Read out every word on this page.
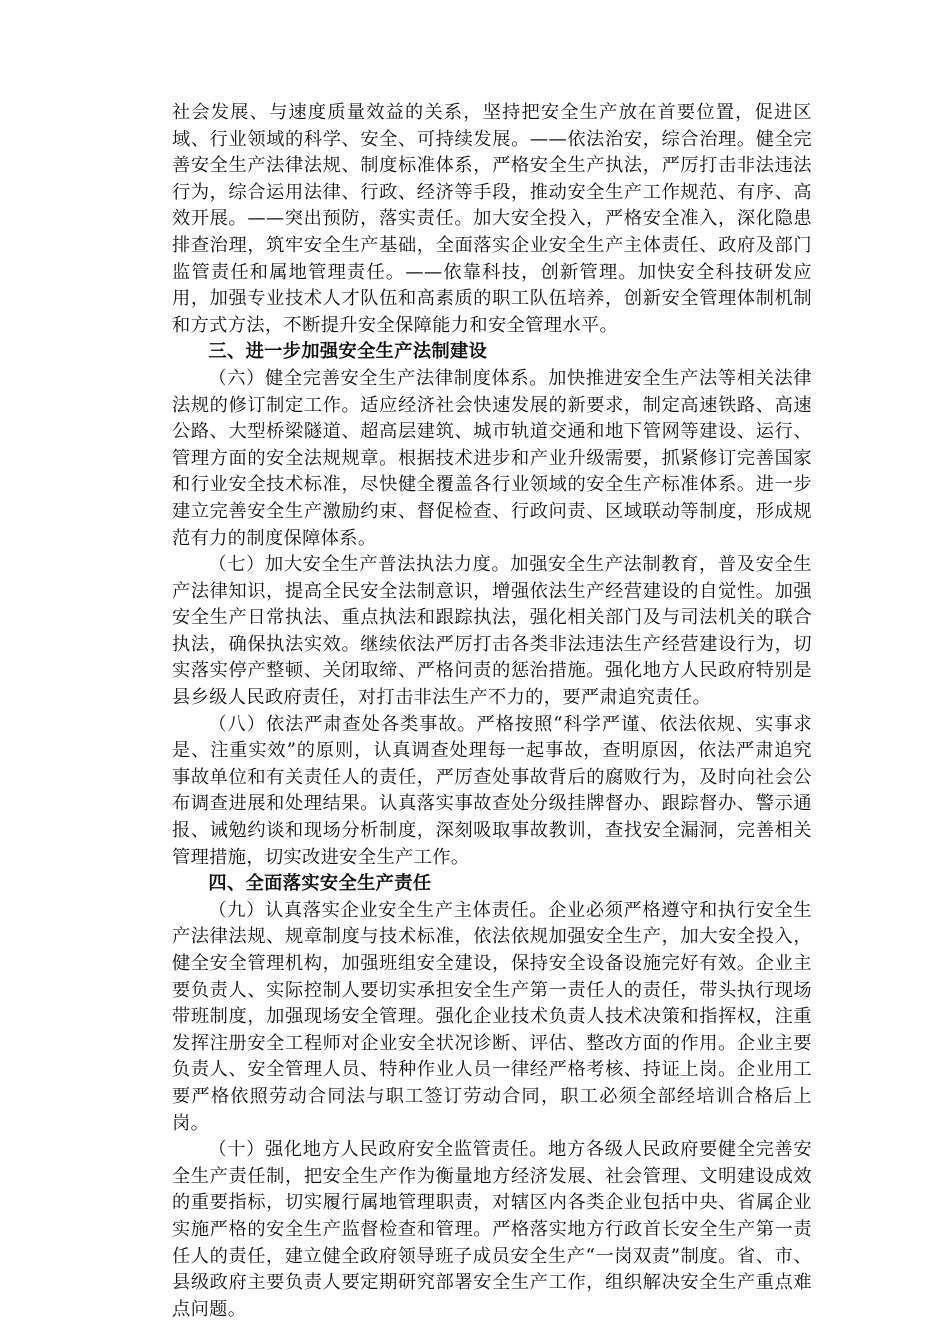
社会发展、与速度质量效益的关系，坚持把安全生产放在首要位置，促进区域、行业领域的科学、安全、可持续发展。——依法治安，综合治理。健全完善安全生产法律法规、制度标准体系，严格安全生产执法，严厉打击非法违法行为，综合运用法律、行政、经济等手段，推动安全生产工作规范、有序、高效开展。——突出预防，落实责任。加大安全投入，严格安全准入，深化隐患排查治理，筑牢安全生产基础，全面落实企业安全生产主体责任、政府及部门监管责任和属地管理责任。——依靠科技，创新管理。加快安全科技研发应用，加强专业技术人才队伍和高素质的职工队伍培养，创新安全管理体制机制和方式方法，不断提升安全保障能力和安全管理水平。

三、进一步加强安全生产法制建设

（六）健全完善安全生产法律制度体系。加快推进安全生产法等相关法律法规的修订制定工作。适应经济社会快速发展的新要求，制定高速铁路、高速公路、大型桥梁隧道、超高层建筑、城市轨道交通和地下管网等建设、运行、管理方面的安全法规规章。根据技术进步和产业升级需要，抓紧修订完善国家和行业安全技术标准，尽快健全覆盖各行业领域的安全生产标准体系。进一步建立完善安全生产激励约束、督促检查、行政问责、区域联动等制度，形成规范有力的制度保障体系。

（七）加大安全生产普法执法力度。加强安全生产法制教育，普及安全生产法律知识，提高全民安全法制意识，增强依法生产经营建设的自觉性。加强安全生产日常执法、重点执法和跟踪执法，强化相关部门及与司法机关的联合执法，确保执法实效。继续依法严厉打击各类非法违法生产经营建设行为，切实落实停产整顿、关闭取缔、严格问责的惩治措施。强化地方人民政府特别是县乡级人民政府责任，对打击非法生产不力的，要严肃追究责任。

（八）依法严肃查处各类事故。严格按照“科学严谨、依法依规、实事求是、注重实效”的原则，认真调查处理每一起事故，查明原因，依法严肃追究事故单位和有关责任人的责任，严厉查处事故背后的腐败行为，及时向社会公布调查进展和处理结果。认真落实事故查处分级挂牌督办、跟踪督办、警示通报、诫勉约谈和现场分析制度，深刻吸取事故教训，查找安全漏洞，完善相关管理措施，切实改进安全生产工作。

四、全面落实安全生产责任

（九）认真落实企业安全生产主体责任。企业必须严格遵守和执行安全生产法律法规、规章制度与技术标准，依法依规加强安全生产，加大安全投入，健全安全管理机构，加强班组安全建设，保持安全设备设施完好有效。企业主要负责人、实际控制人要切实承担安全生产第一责任人的责任，带头执行现场带班制度，加强现场安全管理。强化企业技术负责人技术决策和指挥权，注重发挥注册安全工程师对企业安全状况诊断、评估、整改方面的作用。企业主要负责人、安全管理人员、特种作业人员一律经严格考核、持证上岗。企业用工要严格依照劳动合同法与职工签订劳动合同，职工必须全部经培训合格后上岗。

（十）强化地方人民政府安全监管责任。地方各级人民政府要健全完善安全生产责任制，把安全生产作为衡量地方经济发展、社会管理、文明建设成效的重要指标，切实履行属地管理职责，对辖区内各类企业包括中央、省属企业实施严格的安全生产监督检查和管理。严格落实地方行政首长安全生产第一责任人的责任，建立健全政府领导班子成员安全生产“一岗双责”制度。省、市、县级政府主要负责人要定期研究部署安全生产工作，组织解决安全生产重点难点问题。
